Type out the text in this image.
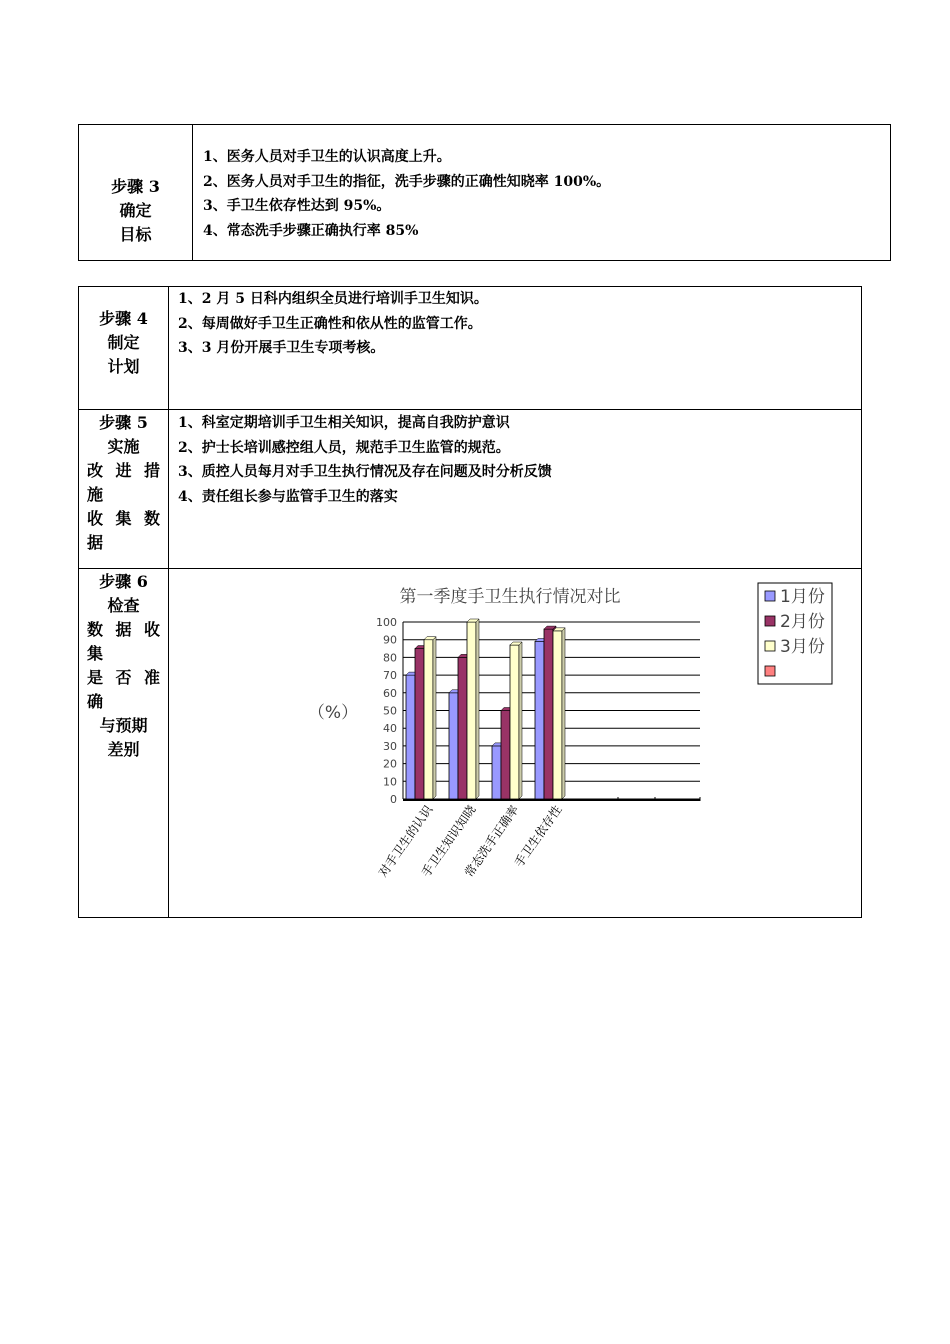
步骤 3
确定
目标
1、医务人员对手卫生的认识高度上升。
2、医务人员对手卫生的指征，洗手步骤的正确性知晓率 100%。
3、手卫生依存性达到 95%。
4、常态洗手步骤正确执行率 85%
步骤 4
制定
计划
1、2 月 5 日科内组织全员进行培训手卫生知识。
2、每周做好手卫生正确性和依从性的监管工作。
3、3 月份开展手卫生专项考核。
步骤 5
实施
改进措
施
收集数
据
1、科室定期培训手卫生相关知识，提高自我防护意识
2、护士长培训感控组人员，规范手卫生监管的规范。
3、质控人员每月对手卫生执行情况及存在问题及时分析反馈
4、责任组长参与监管手卫生的落实
步骤 6
检查
数据收
集
是否准
确
与预期
差别
第一季度手卫生执行情况对比
（%）
0
10
20
30
40
50
60
70
80
90
100
对手卫生的认识
手卫生知识知晓
常态洗手正确率
手卫生依存性
1月份
2月份
3月份
